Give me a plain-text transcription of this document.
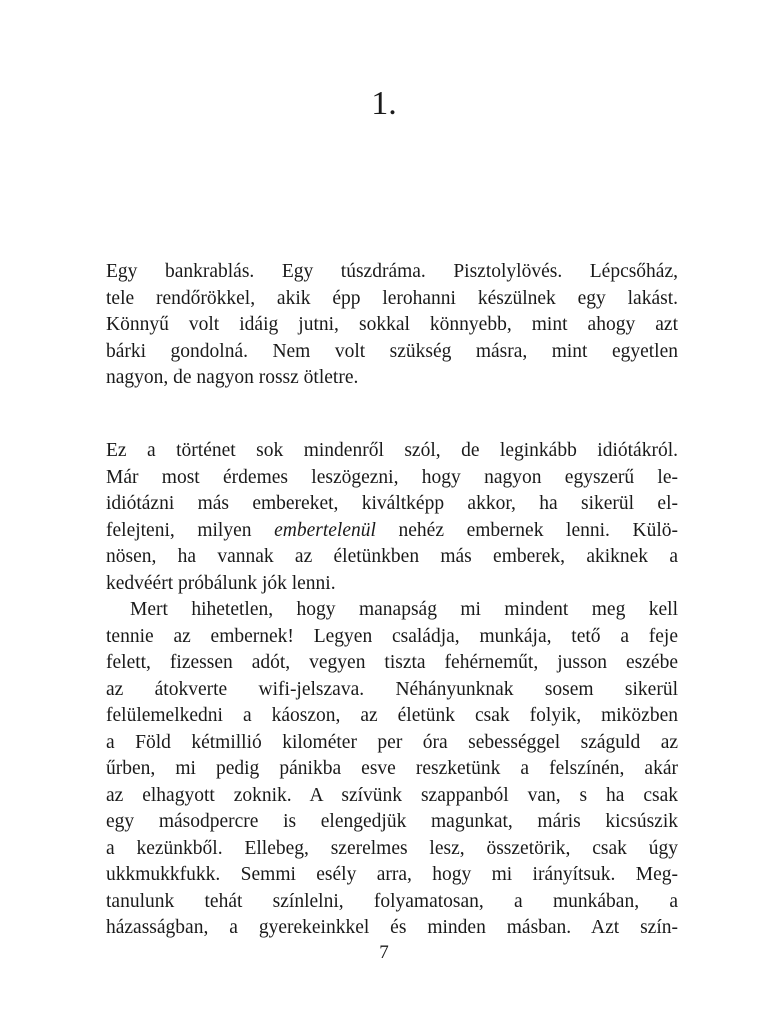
1.
Egy bankrablás. Egy túszdráma. Pisztolylövés. Lépcsőház,
tele rendőrökkel, akik épp lerohanni készülnek egy lakást.
Könnyű volt idáig jutni, sokkal könnyebb, mint ahogy azt
bárki gondolná. Nem volt szükség másra, mint egyetlen
nagyon, de nagyon rossz ötletre.
Ez a történet sok mindenről szól, de leginkább idiótákról.
Már most érdemes leszögezni, hogy nagyon egyszerű le-
idiótázni más embereket, kiváltképp akkor, ha sikerül el-
felejteni, milyen embertelenül nehéz embernek lenni. Külö-
nösen, ha vannak az életünkben más emberek, akiknek a
kedvéért próbálunk jók lenni.
Mert hihetetlen, hogy manapság mi mindent meg kell
tennie az embernek! Legyen családja, munkája, tető a feje
felett, fizessen adót, vegyen tiszta fehérneműt, jusson eszébe
az átokverte wifi-jelszava. Néhányunknak sosem sikerül
felülemelkedni a káoszon, az életünk csak folyik, miközben
a Föld kétmillió kilométer per óra sebességgel száguld az
űrben, mi pedig pánikba esve reszketünk a felszínén, akár
az elhagyott zoknik. A szívünk szappanból van, s ha csak
egy másodpercre is elengedjük magunkat, máris kicsúszik
a kezünkből. Ellebeg, szerelmes lesz, összetörik, csak úgy
ukkmukkfukk. Semmi esély arra, hogy mi irányítsuk. Meg-
tanulunk tehát színlelni, folyamatosan, a munkában, a
házasságban, a gyerekeinkkel és minden másban. Azt szín-
7
